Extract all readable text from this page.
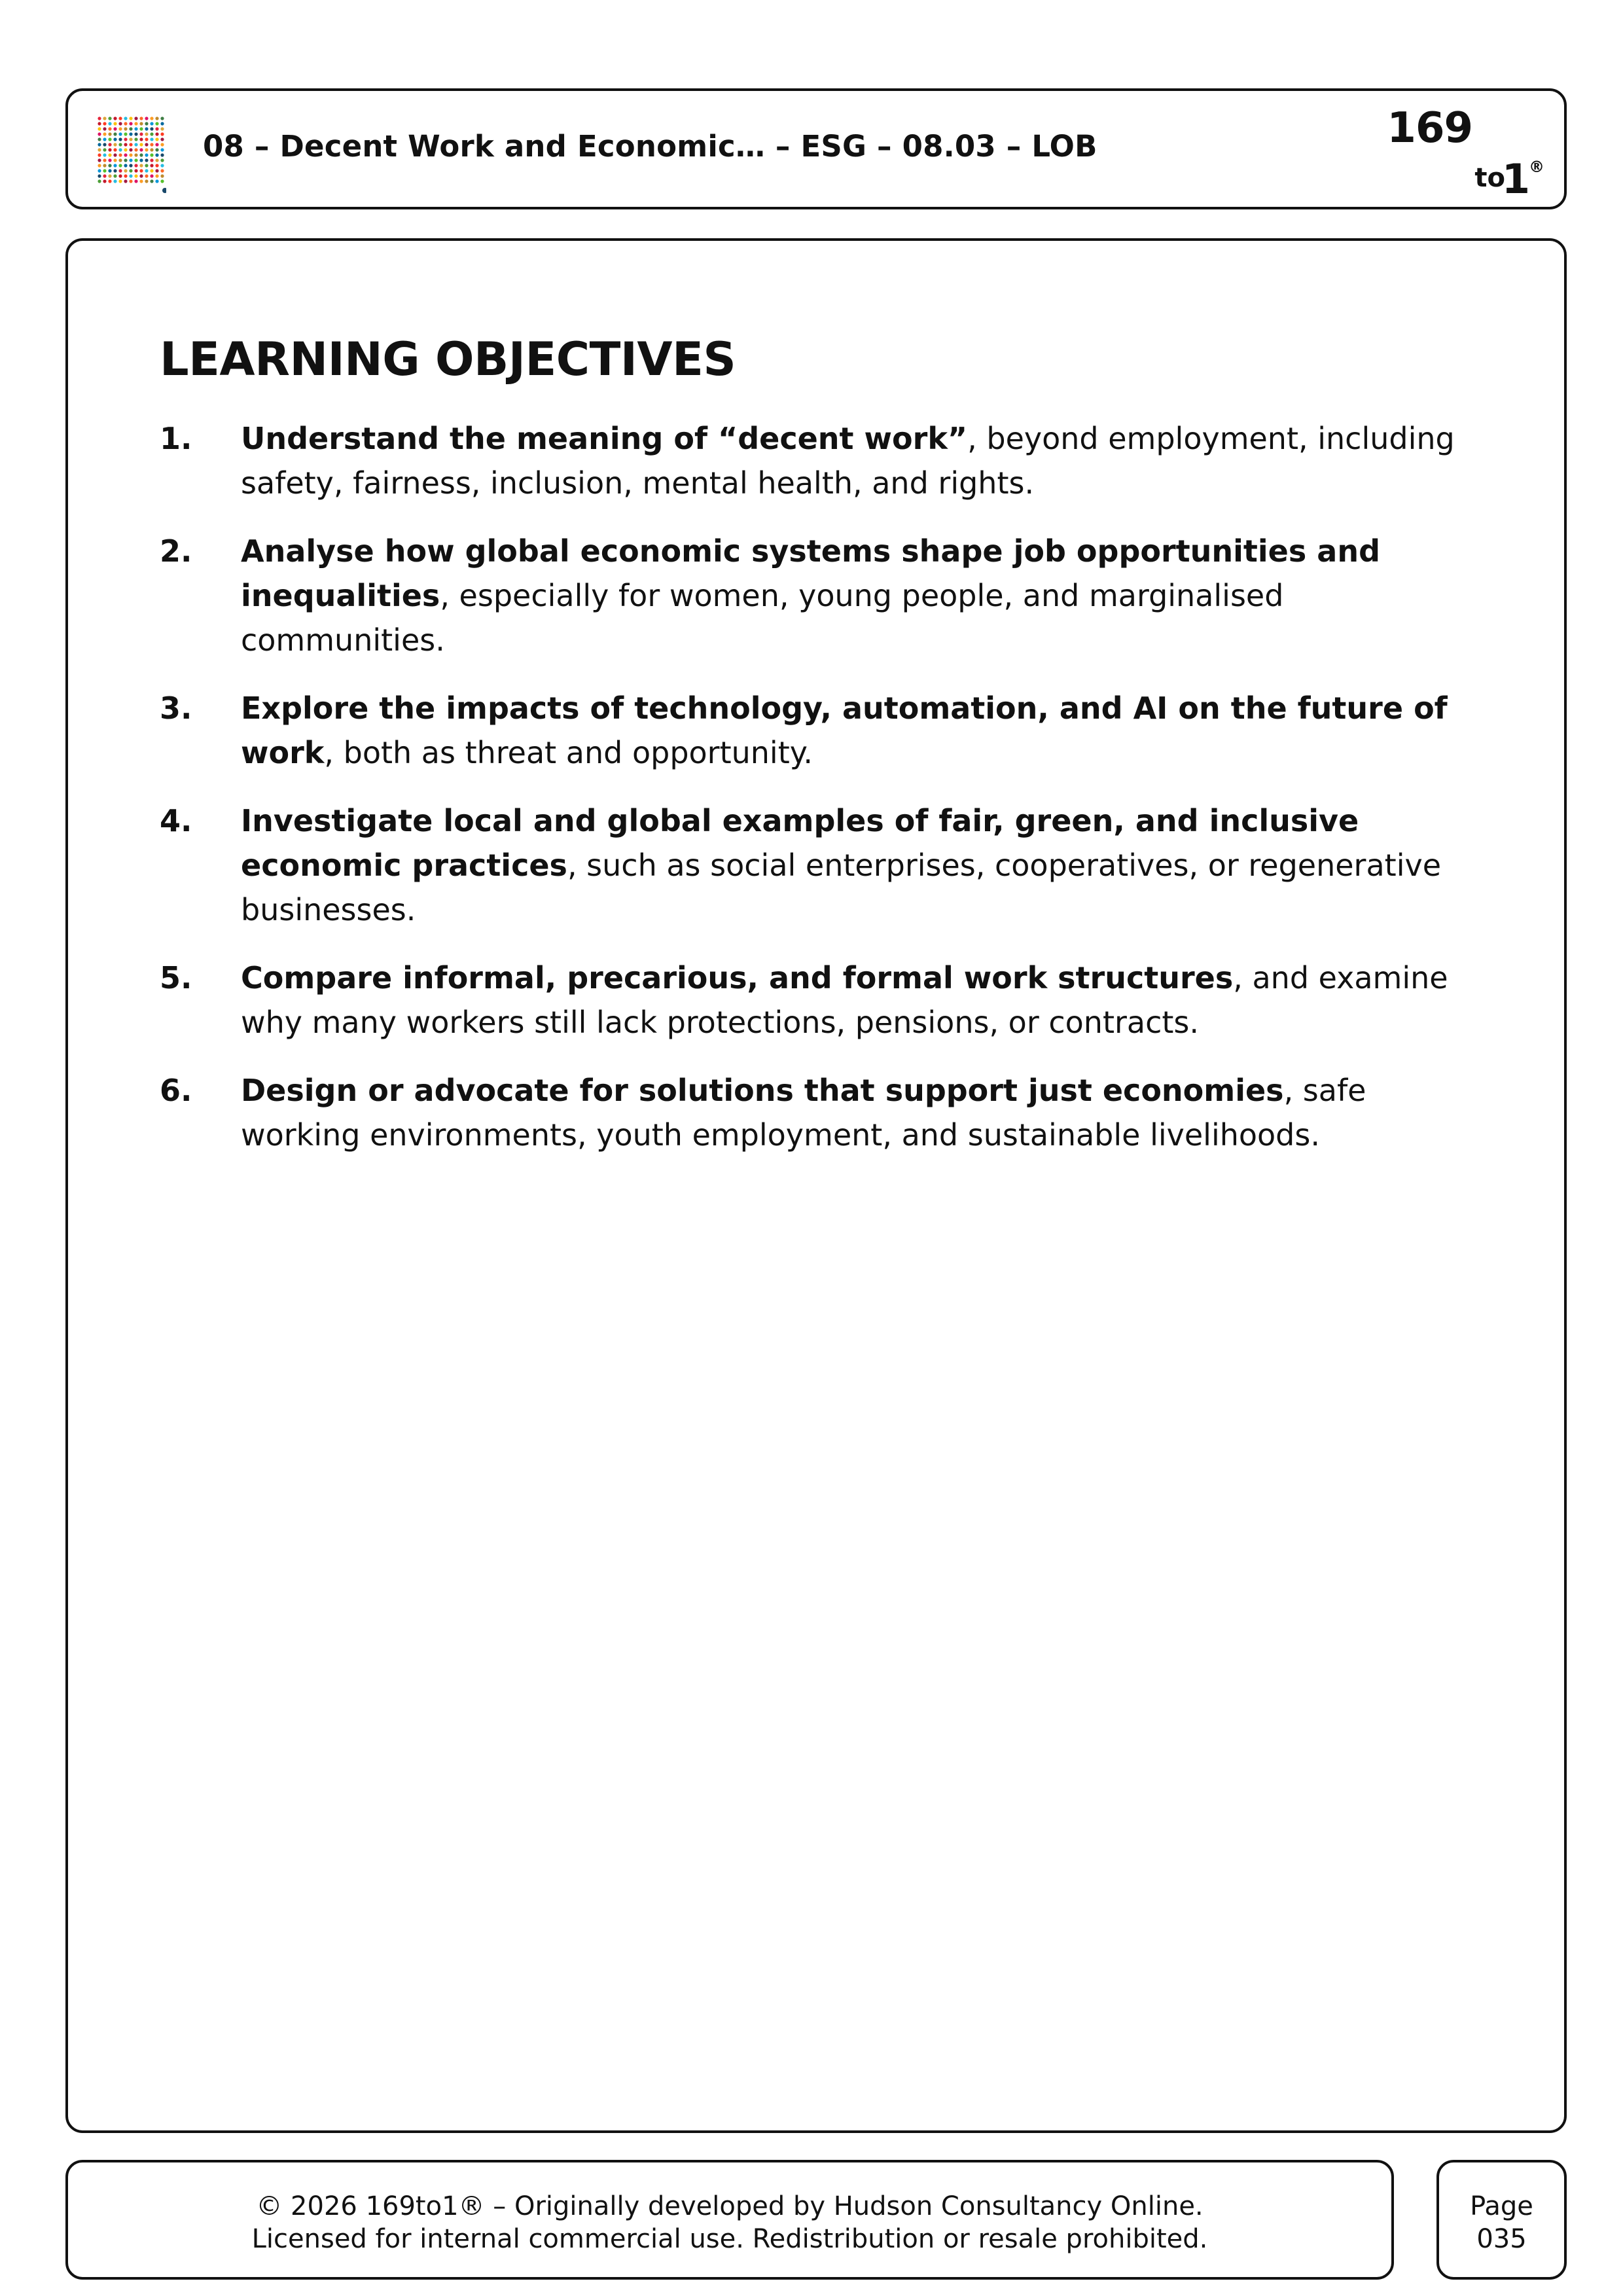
08 – Decent Work and Economic… – ESG – 08.03 – LOB	169
to
1
®
LEARNING OBJECTIVES
1. Understand the meaning of “decent work”, beyond employment, including safety, fairness, inclusion, mental health, and rights.
2. Analyse how global economic systems shape job opportunities and inequalities, especially for women, young people, and marginalised communities.
3. Explore the impacts of technology, automation, and AI on the future of work, both as threat and opportunity.
4. Investigate local and global examples of fair, green, and inclusive economic practices, such as social enterprises, cooperatives, or regenerative businesses.
5. Compare informal, precarious, and formal work structures, and examine why many workers still lack protections, pensions, or contracts.
6. Design or advocate for solutions that support just economies, safe working environments, youth employment, and sustainable livelihoods.
© 2026 169to1® – Originally developed by Hudson Consultancy Online.
Licensed for internal commercial use. Redistribution or resale prohibited.
Page
035
